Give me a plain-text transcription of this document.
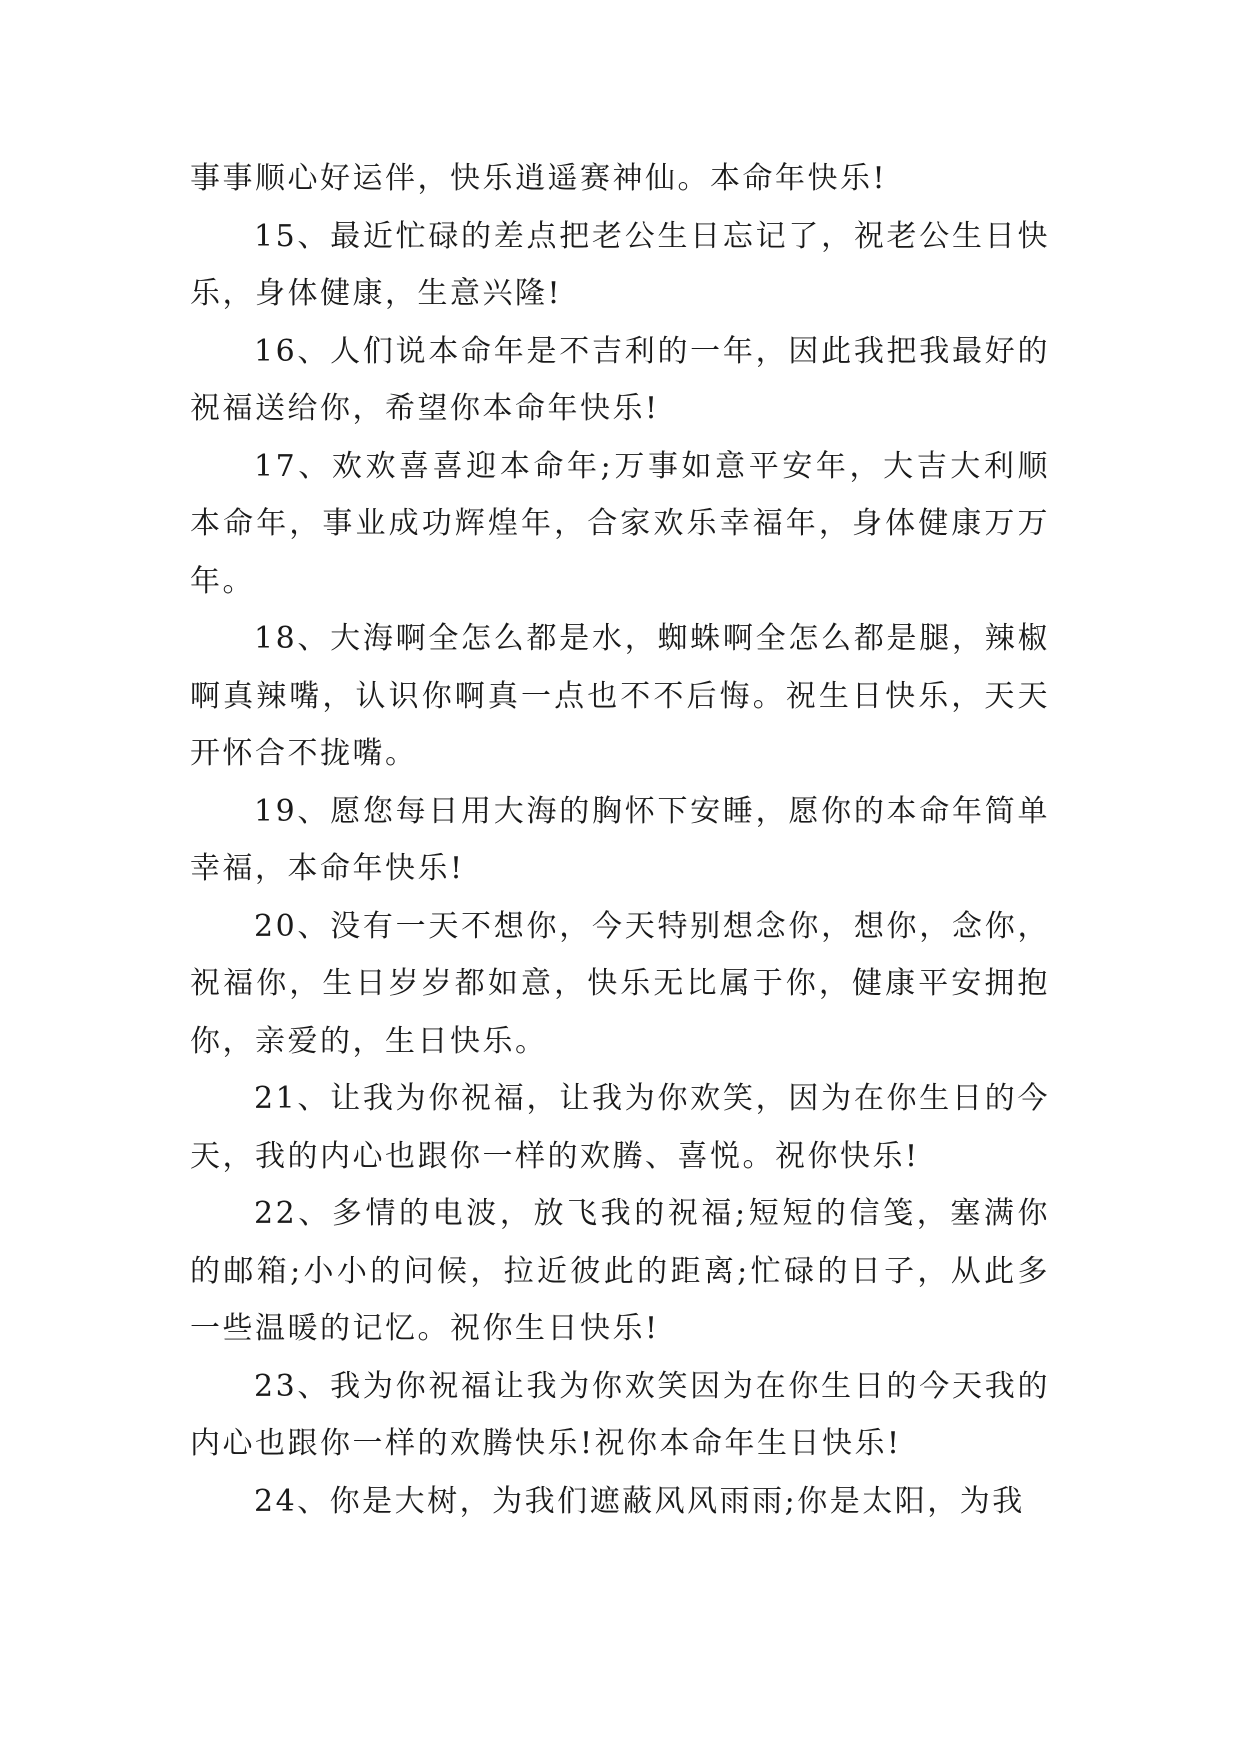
事事顺心好运伴，快乐逍遥赛神仙。本命年快乐!

15、最近忙碌的差点把老公生日忘记了，祝老公生日快乐，身体健康，生意兴隆!

16、人们说本命年是不吉利的一年，因此我把我最好的祝福送给你，希望你本命年快乐!

17、欢欢喜喜迎本命年;万事如意平安年，大吉大利顺本命年，事业成功辉煌年，合家欢乐幸福年，身体健康万万年。

18、大海啊全怎么都是水，蜘蛛啊全怎么都是腿，辣椒啊真辣嘴，认识你啊真一点也不不后悔。祝生日快乐，天天开怀合不拢嘴。

19、愿您每日用大海的胸怀下安睡，愿你的本命年简单幸福，本命年快乐!

20、没有一天不想你，今天特别想念你，想你，念你，祝福你，生日岁岁都如意，快乐无比属于你，健康平安拥抱你，亲爱的，生日快乐。

21、让我为你祝福，让我为你欢笑，因为在你生日的今天，我的内心也跟你一样的欢腾、喜悦。祝你快乐!

22、多情的电波，放飞我的祝福;短短的信笺，塞满你的邮箱;小小的问候，拉近彼此的距离;忙碌的日子，从此多一些温暖的记忆。祝你生日快乐!

23、我为你祝福让我为你欢笑因为在你生日的今天我的内心也跟你一样的欢腾快乐!祝你本命年生日快乐!

24、你是大树，为我们遮蔽风风雨雨;你是太阳，为我
